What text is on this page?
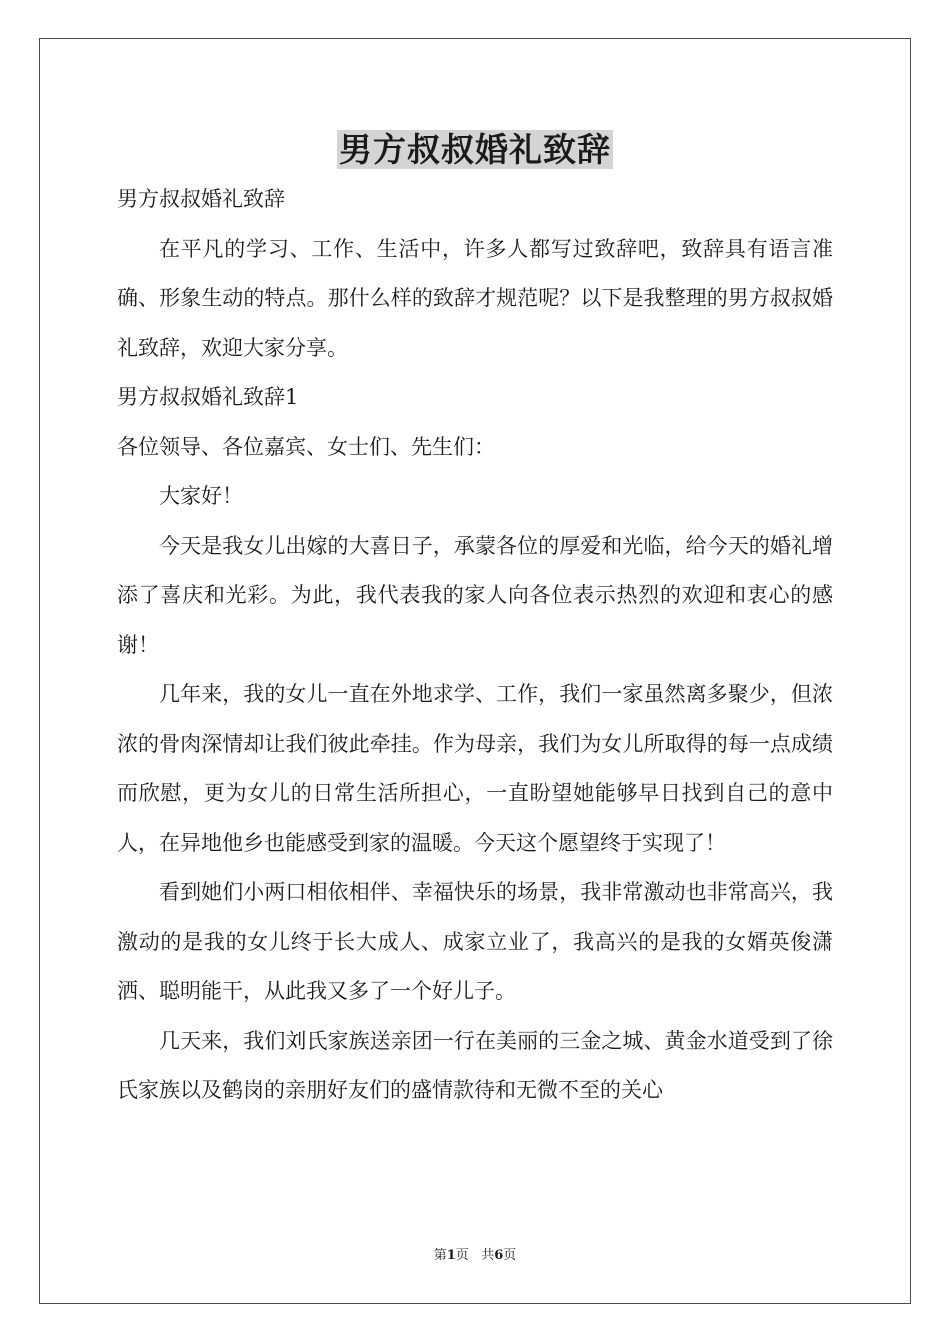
男方叔叔婚礼致辞

男方叔叔婚礼致辞

在平凡的学习、工作、生活中，许多人都写过致辞吧，致辞具有语言准确、形象生动的特点。那什么样的致辞才规范呢？以下是我整理的男方叔叔婚礼致辞，欢迎大家分享。

男方叔叔婚礼致辞1

各位领导、各位嘉宾、女士们、先生们：

大家好！

今天是我女儿出嫁的大喜日子，承蒙各位的厚爱和光临，给今天的婚礼增添了喜庆和光彩。为此，我代表我的家人向各位表示热烈的欢迎和衷心的感谢！

几年来，我的女儿一直在外地求学、工作，我们一家虽然离多聚少，但浓浓的骨肉深情却让我们彼此牵挂。作为母亲，我们为女儿所取得的每一点成绩而欣慰，更为女儿的日常生活所担心，一直盼望她能够早日找到自己的意中人，在异地他乡也能感受到家的温暖。今天这个愿望终于实现了！

看到她们小两口相依相伴、幸福快乐的场景，我非常激动也非常高兴，我激动的是我的女儿终于长大成人、成家立业了，我高兴的是我的女婿英俊潇洒、聪明能干，从此我又多了一个好儿子。

几天来，我们刘氏家族送亲团一行在美丽的三金之城、黄金水道受到了徐氏家族以及鹤岗的亲朋好友们的盛情款待和无微不至的关心

第1页 共6页
